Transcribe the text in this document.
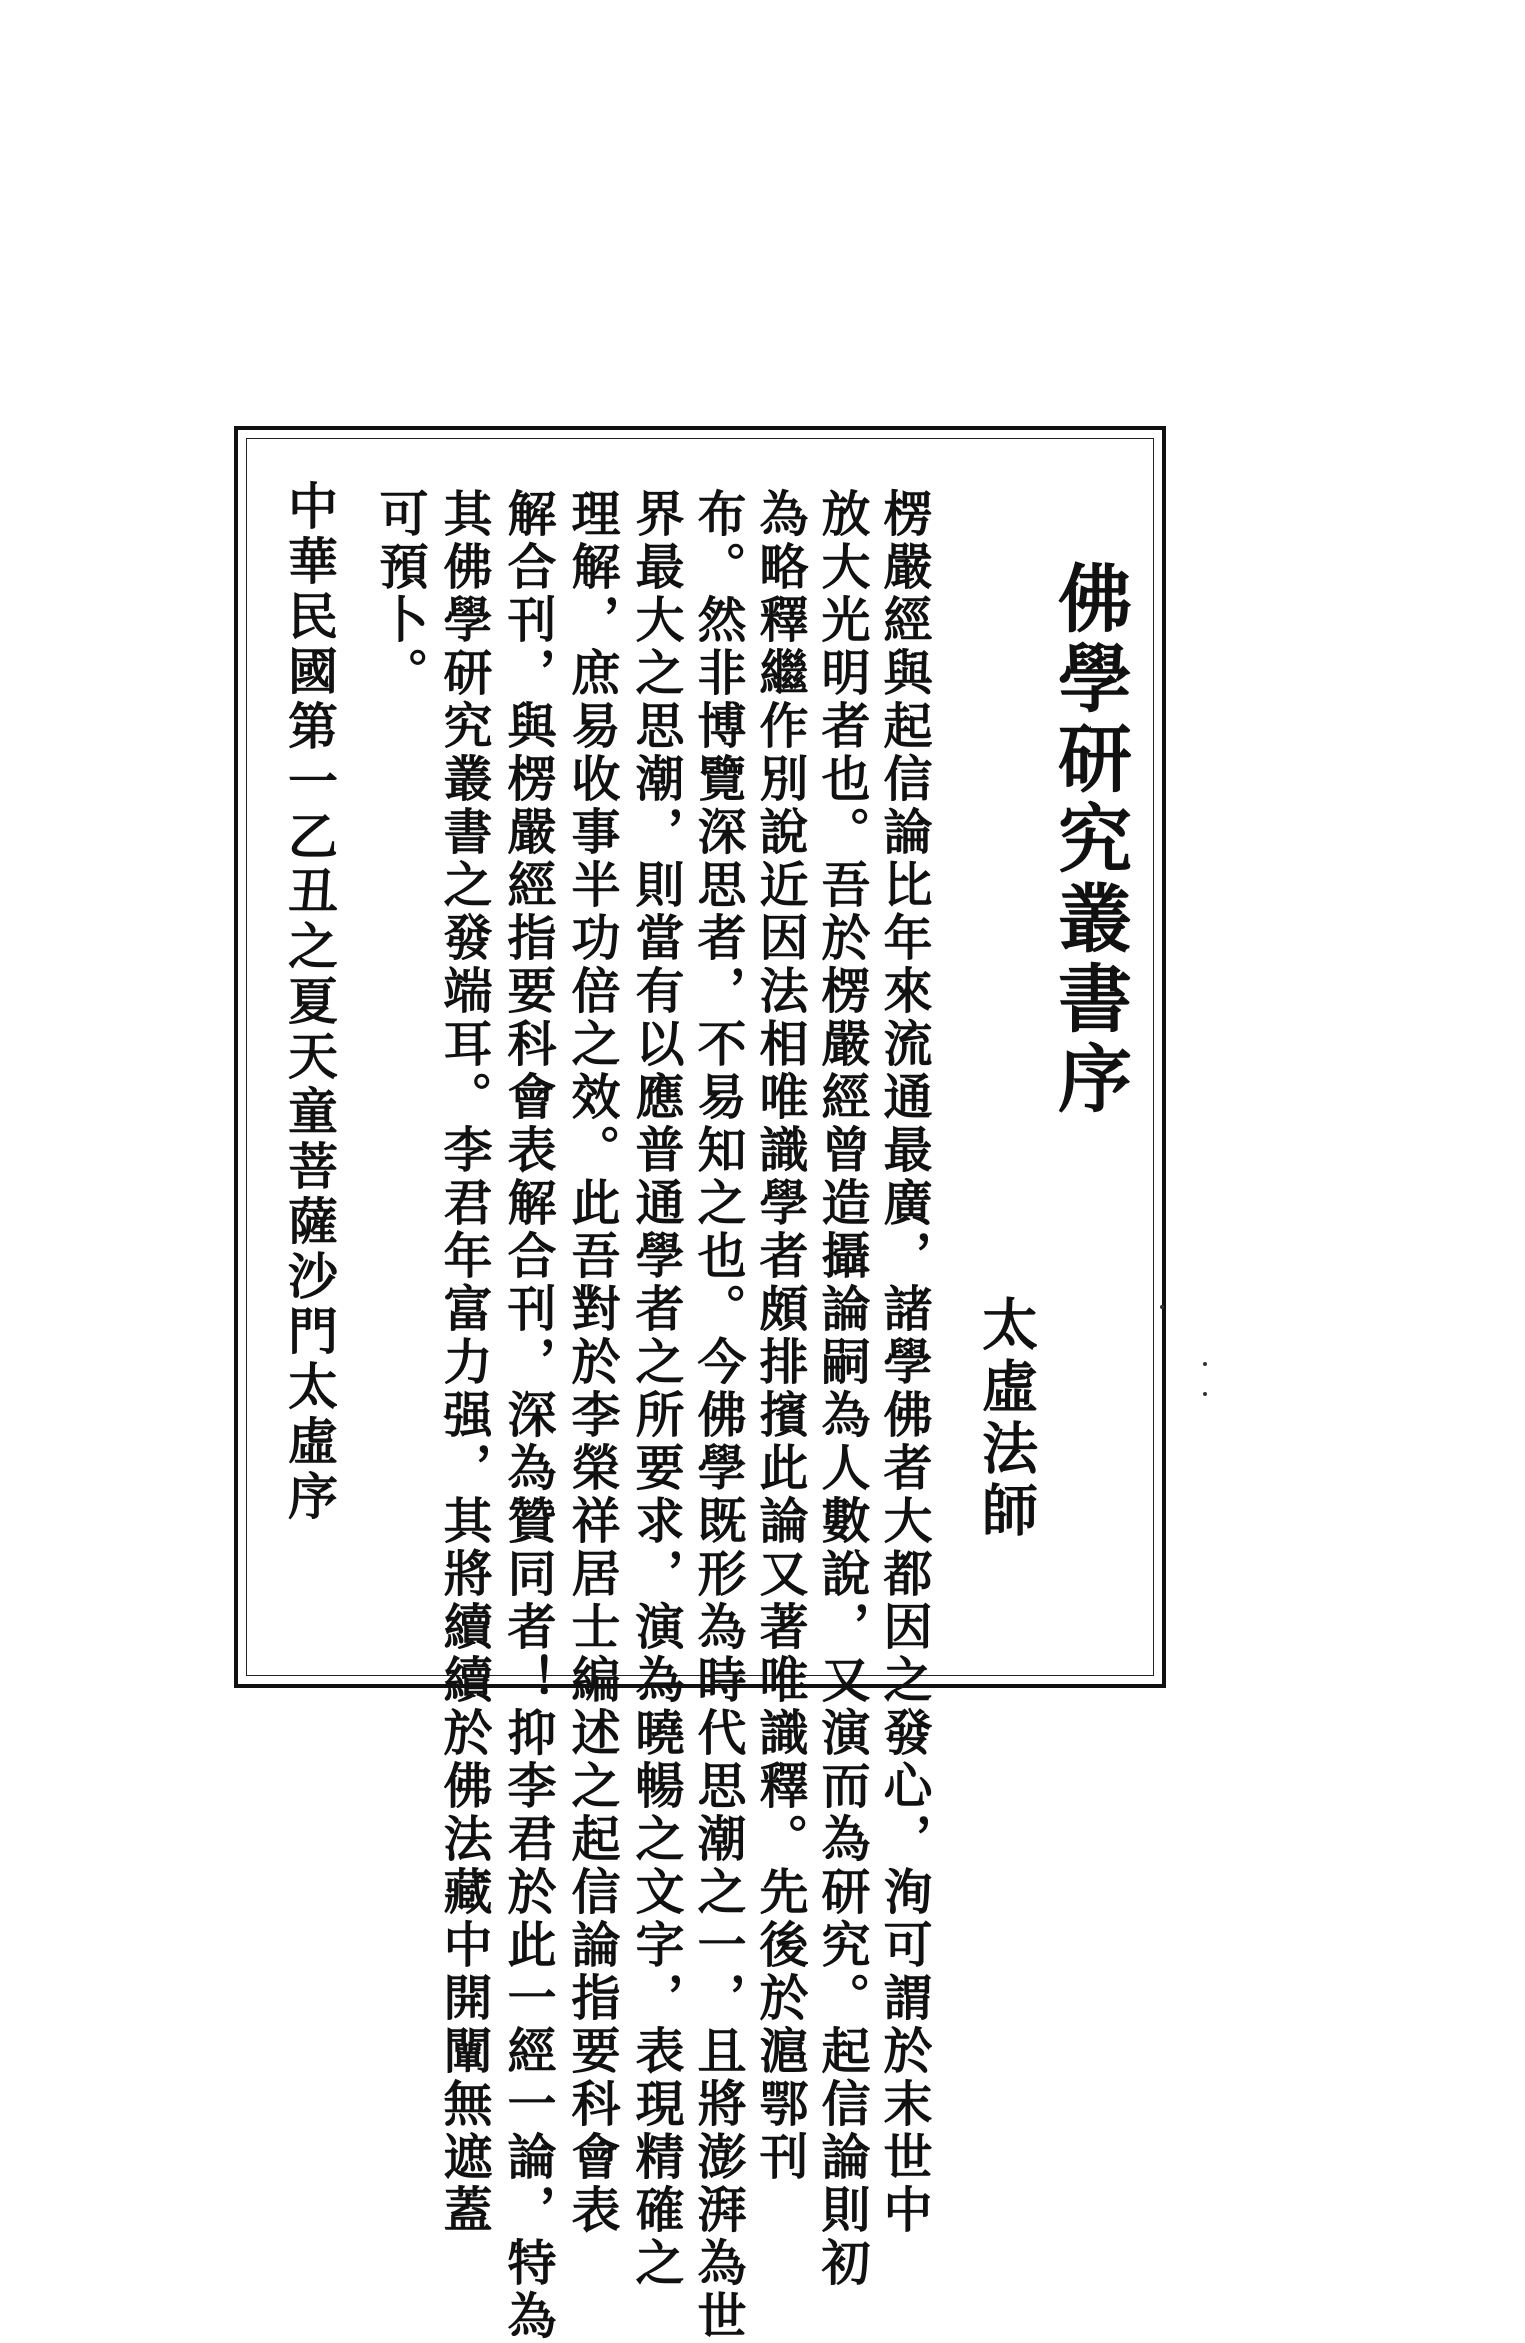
佛學研究叢書序
太虛法師
楞嚴經與起信論比年來流通最廣，諸學佛者大都因之發心，洵可謂於末世中
放大光明者也。吾於楞嚴經曾造攝論嗣為人數說，又演而為研究。起信論則初
為略釋繼作別說近因法相唯識學者頗排擯此論又著唯識釋。先後於滬鄂刊
布。然非博覽深思者，不易知之也。今佛學既形為時代思潮之一，且將澎湃為世
界最大之思潮，則當有以應普通學者之所要求，演為曉暢之文字，表現精確之
理解，庶易收事半功倍之效。此吾對於李榮祥居士編述之起信論指要科會表
解合刊，與楞嚴經指要科會表解合刊，深為贊同者！抑李君於此一經一論，特為
其佛學研究叢書之發端耳。李君年富力强，其將續續於佛法藏中開闡無遮蓋
可預卜。
中華民國第一乙丑之夏天童菩薩沙門太虛序
